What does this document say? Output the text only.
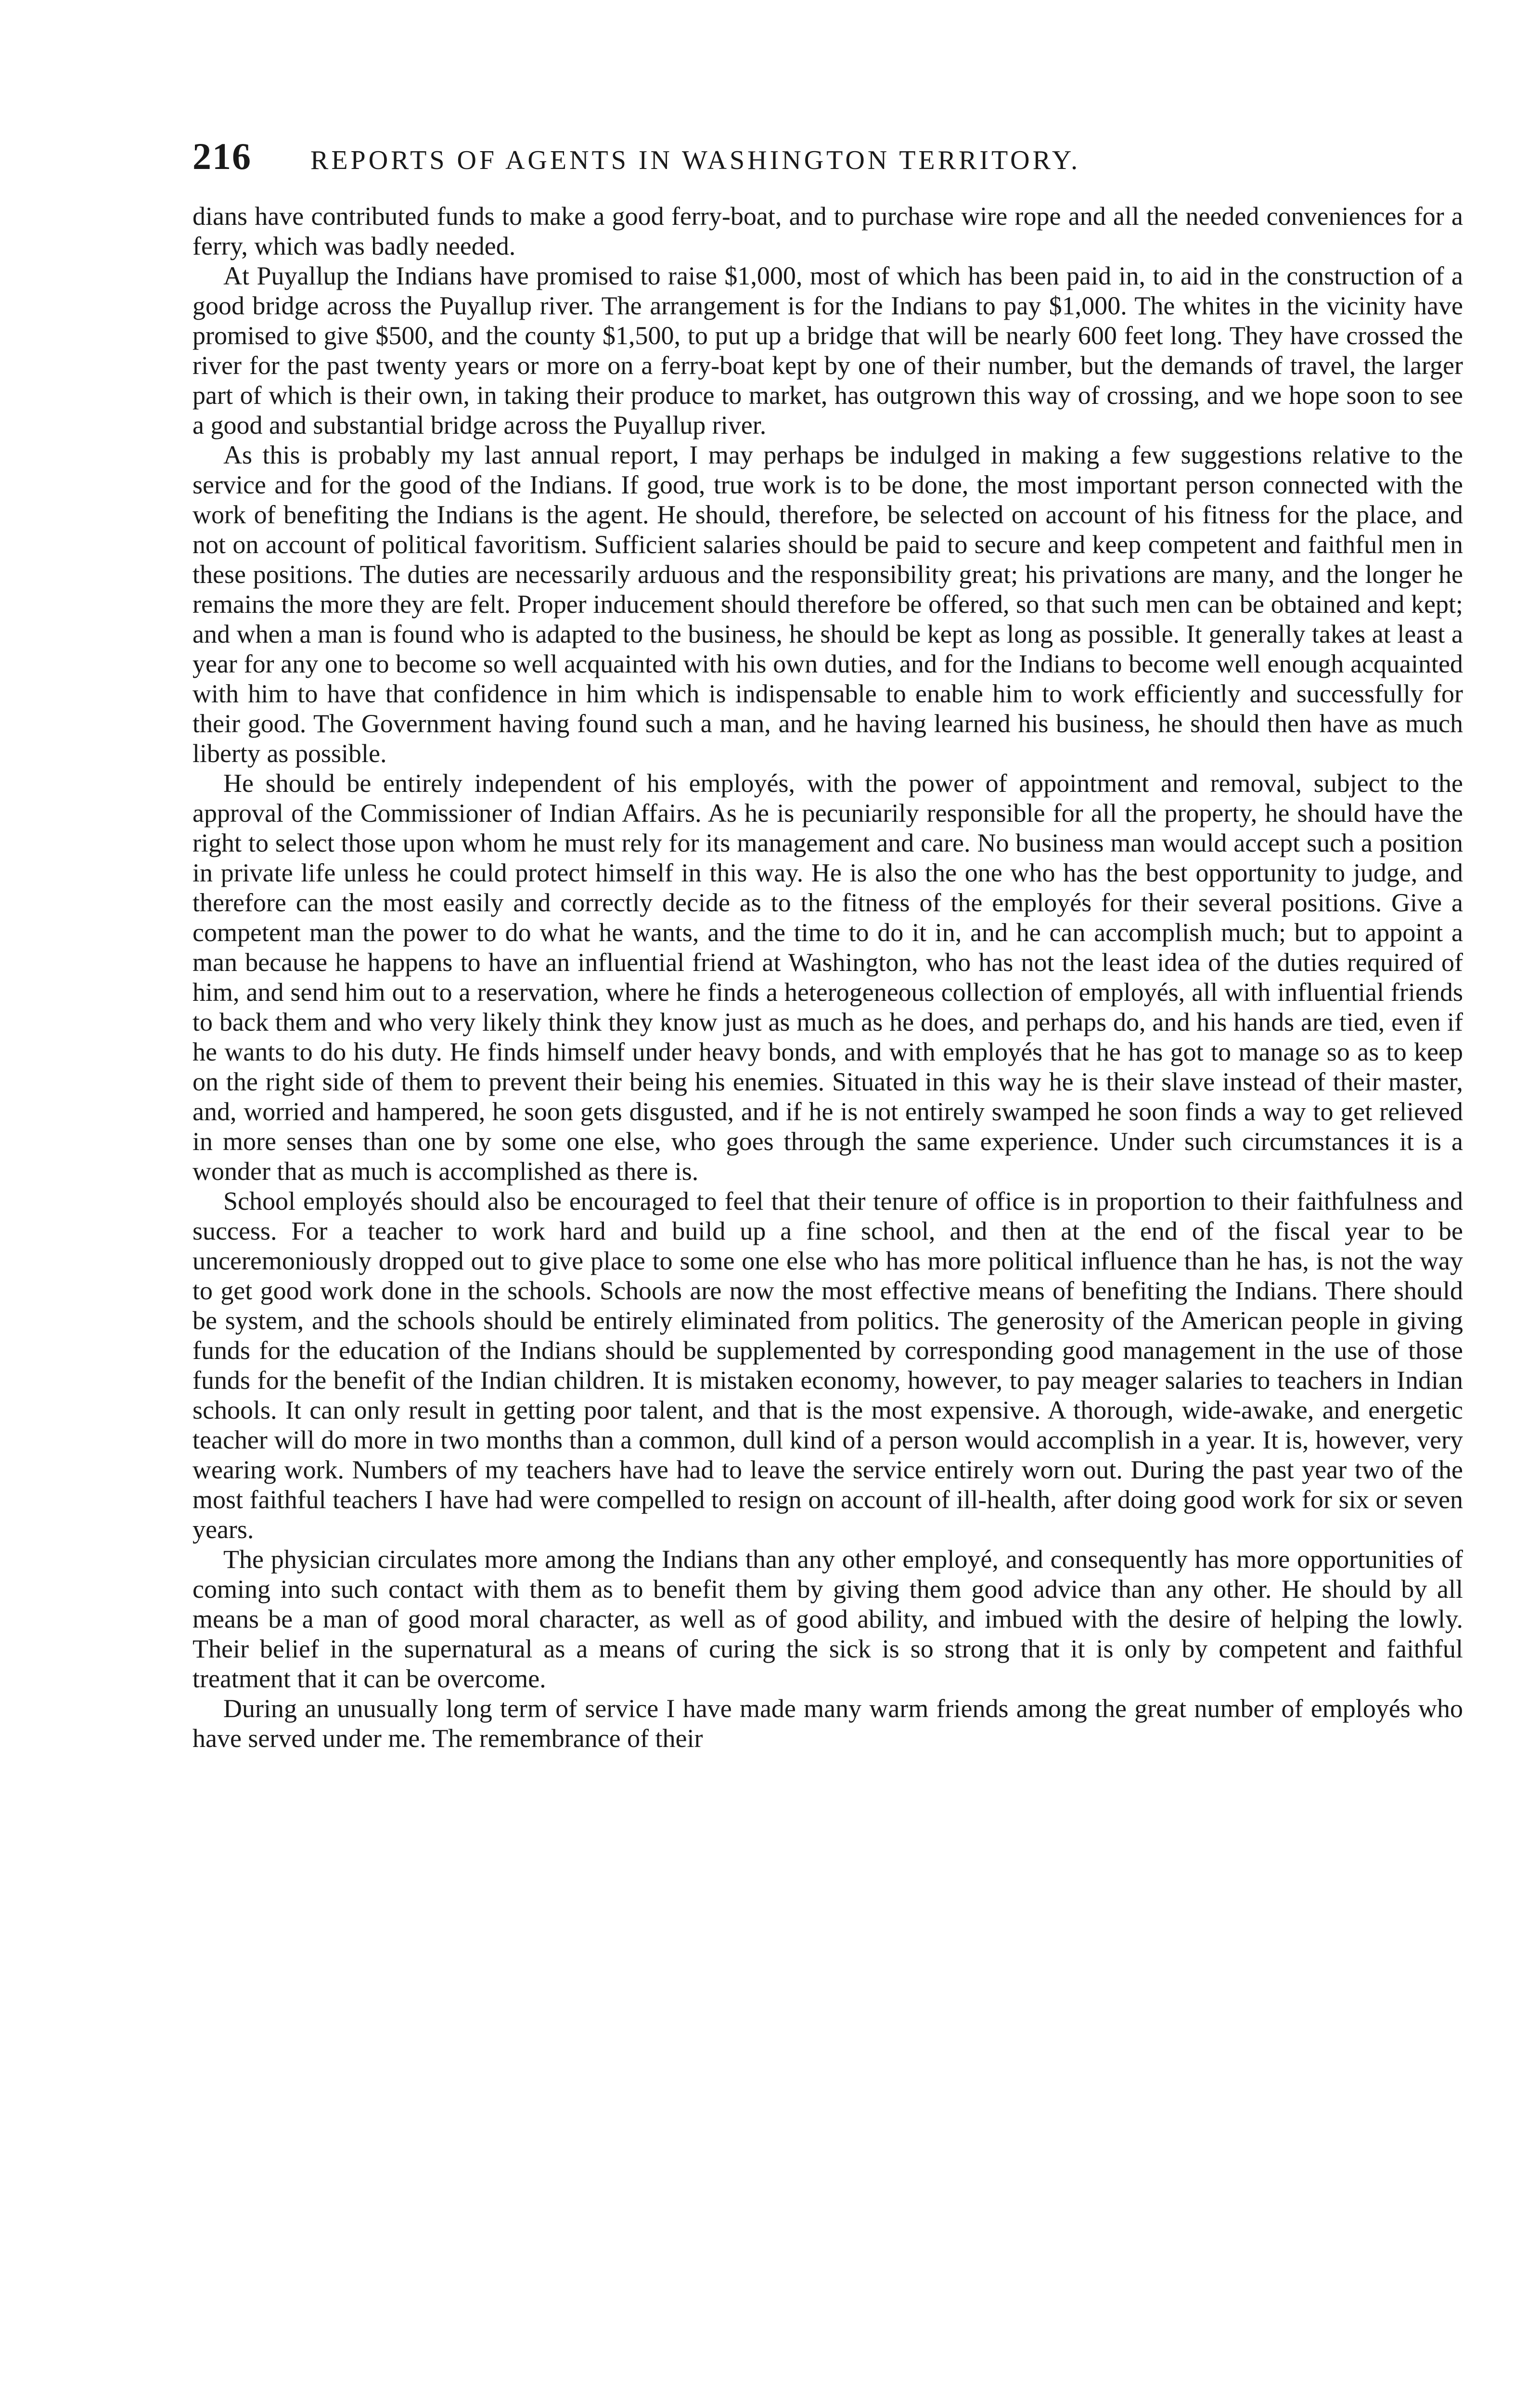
216	REPORTS OF AGENTS IN WASHINGTON TERRITORY.

dians have contributed funds to make a good ferry-boat, and to purchase wire rope and all the needed conveniences for a ferry, which was badly needed.

At Puyallup the Indians have promised to raise $1,000, most of which has been paid in, to aid in the construction of a good bridge across the Puyallup river. The arrangement is for the Indians to pay $1,000. The whites in the vicinity have promised to give $500, and the county $1,500, to put up a bridge that will be nearly 600 feet long. They have crossed the river for the past twenty years or more on a ferry-boat kept by one of their number, but the demands of travel, the larger part of which is their own, in taking their produce to market, has outgrown this way of crossing, and we hope soon to see a good and substantial bridge across the Puyallup river.

As this is probably my last annual report, I may perhaps be indulged in making a few suggestions relative to the service and for the good of the Indians. If good, true work is to be done, the most important person connected with the work of benefiting the Indians is the agent. He should, therefore, be selected on account of his fitness for the place, and not on account of political favoritism. Sufficient salaries should be paid to secure and keep competent and faithful men in these positions. The duties are necessarily arduous and the responsibility great; his privations are many, and the longer he remains the more they are felt. Proper inducement should therefore be offered, so that such men can be obtained and kept; and when a man is found who is adapted to the business, he should be kept as long as possible. It generally takes at least a year for any one to become so well acquainted with his own duties, and for the Indians to become well enough acquainted with him to have that confidence in him which is indispensable to enable him to work efficiently and successfully for their good. The Government having found such a man, and he having learned his business, he should then have as much liberty as possible.

He should be entirely independent of his employés, with the power of appointment and removal, subject to the approval of the Commissioner of Indian Affairs. As he is pecuniarily responsible for all the property, he should have the right to select those upon whom he must rely for its management and care. No business man would accept such a position in private life unless he could protect himself in this way. He is also the one who has the best opportunity to judge, and therefore can the most easily and correctly decide as to the fitness of the employés for their several positions. Give a competent man the power to do what he wants, and the time to do it in, and he can accomplish much; but to appoint a man because he happens to have an influential friend at Washington, who has not the least idea of the duties required of him, and send him out to a reservation, where he finds a heterogeneous collection of employés, all with influential friends to back them and who very likely think they know just as much as he does, and perhaps do, and his hands are tied, even if he wants to do his duty. He finds himself under heavy bonds, and with employés that he has got to manage so as to keep on the right side of them to prevent their being his enemies. Situated in this way he is their slave instead of their master, and, worried and hampered, he soon gets disgusted, and if he is not entirely swamped he soon finds a way to get relieved in more senses than one by some one else, who goes through the same experience. Under such circumstances it is a wonder that as much is accomplished as there is.

School employés should also be encouraged to feel that their tenure of office is in proportion to their faithfulness and success. For a teacher to work hard and build up a fine school, and then at the end of the fiscal year to be unceremoniously dropped out to give place to some one else who has more political influence than he has, is not the way to get good work done in the schools. Schools are now the most effective means of benefiting the Indians. There should be system, and the schools should be entirely eliminated from politics. The generosity of the American people in giving funds for the education of the Indians should be supplemented by corresponding good management in the use of those funds for the benefit of the Indian children. It is mistaken economy, however, to pay meager salaries to teachers in Indian schools. It can only result in getting poor talent, and that is the most expensive. A thorough, wide-awake, and energetic teacher will do more in two months than a common, dull kind of a person would accomplish in a year. It is, however, very wearing work. Numbers of my teachers have had to leave the service entirely worn out. During the past year two of the most faithful teachers I have had were compelled to resign on account of ill-health, after doing good work for six or seven years.

The physician circulates more among the Indians than any other employé, and consequently has more opportunities of coming into such contact with them as to benefit them by giving them good advice than any other. He should by all means be a man of good moral character, as well as of good ability, and imbued with the desire of helping the lowly. Their belief in the supernatural as a means of curing the sick is so strong that it is only by competent and faithful treatment that it can be overcome.

During an unusually long term of service I have made many warm friends among the great number of employés who have served under me. The remembrance of their
